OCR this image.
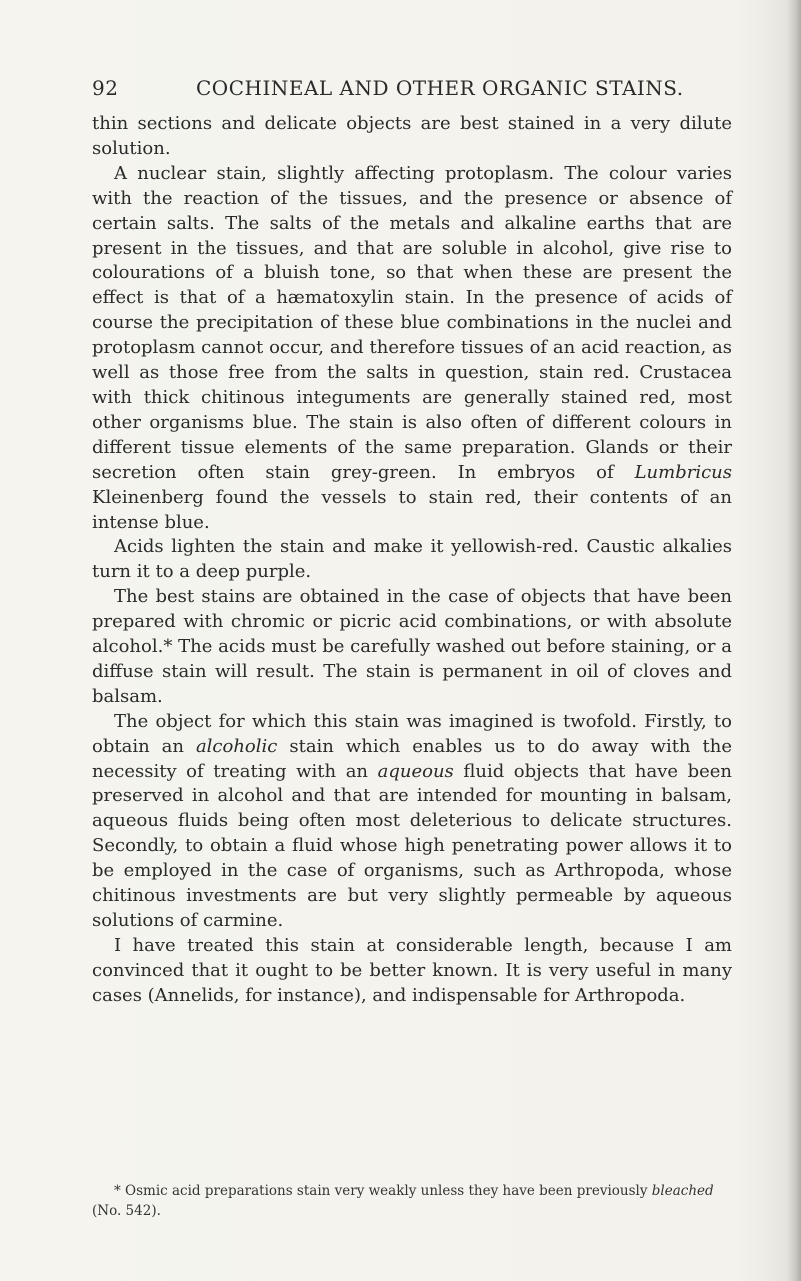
92	COCHINEAL AND OTHER ORGANIC STAINS.

thin sections and delicate objects are best stained in a very dilute solution.

A nuclear stain, slightly affecting protoplasm. The colour varies with the reaction of the tissues, and the presence or absence of certain salts. The salts of the metals and alkaline earths that are present in the tissues, and that are soluble in alcohol, give rise to colourations of a bluish tone, so that when these are present the effect is that of a hæmatoxylin stain. In the presence of acids of course the precipitation of these blue combinations in the nuclei and protoplasm cannot occur, and therefore tissues of an acid reaction, as well as those free from the salts in question, stain red. Crustacea with thick chitinous integuments are generally stained red, most other organisms blue. The stain is also often of different colours in different tissue elements of the same preparation. Glands or their secretion often stain grey-green. In embryos of Lumbricus Kleinenberg found the vessels to stain red, their contents of an intense blue.

Acids lighten the stain and make it yellowish-red. Caustic alkalies turn it to a deep purple.

The best stains are obtained in the case of objects that have been prepared with chromic or picric acid combinations, or with absolute alcohol.* The acids must be carefully washed out before staining, or a diffuse stain will result. The stain is permanent in oil of cloves and balsam.

The object for which this stain was imagined is twofold. Firstly, to obtain an alcoholic stain which enables us to do away with the necessity of treating with an aqueous fluid objects that have been preserved in alcohol and that are intended for mounting in balsam, aqueous fluids being often most deleterious to delicate structures. Secondly, to obtain a fluid whose high penetrating power allows it to be employed in the case of organisms, such as Arthropoda, whose chitinous investments are but very slightly permeable by aqueous solutions of carmine.

I have treated this stain at considerable length, because I am convinced that it ought to be better known. It is very useful in many cases (Annelids, for instance), and indispensable for Arthropoda.

* Osmic acid preparations stain very weakly unless they have been previously bleached (No. 542).
